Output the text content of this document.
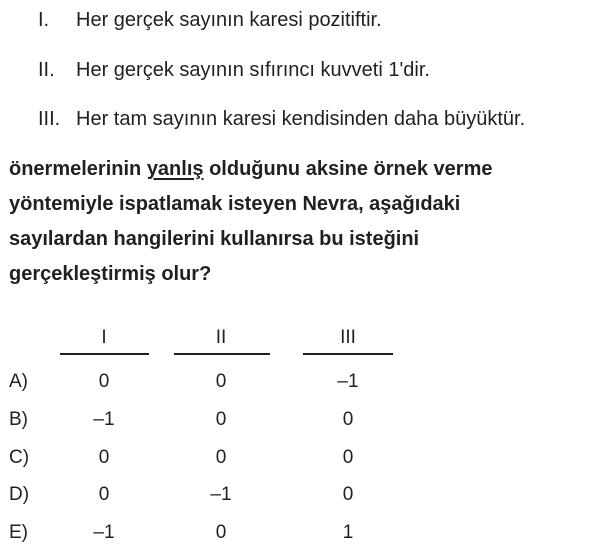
I. Her gerçek sayının karesi pozitiftir.
II. Her gerçek sayının sıfırıncı kuvveti 1'dir.
III. Her tam sayının karesi kendisinden daha büyüktür.
önermelerinin yanlış olduğunu aksine örnek verme
yöntemiyle ispatlamak isteyen Nevra, aşağıdaki
sayılardan hangilerini kullanırsa bu isteğini
gerçekleştirmiş olur?
I	II	III
A)	0	0	–1
B)	–1	0	0
C)	0	0	0
D)	0	–1	0
E)	–1	0	1
